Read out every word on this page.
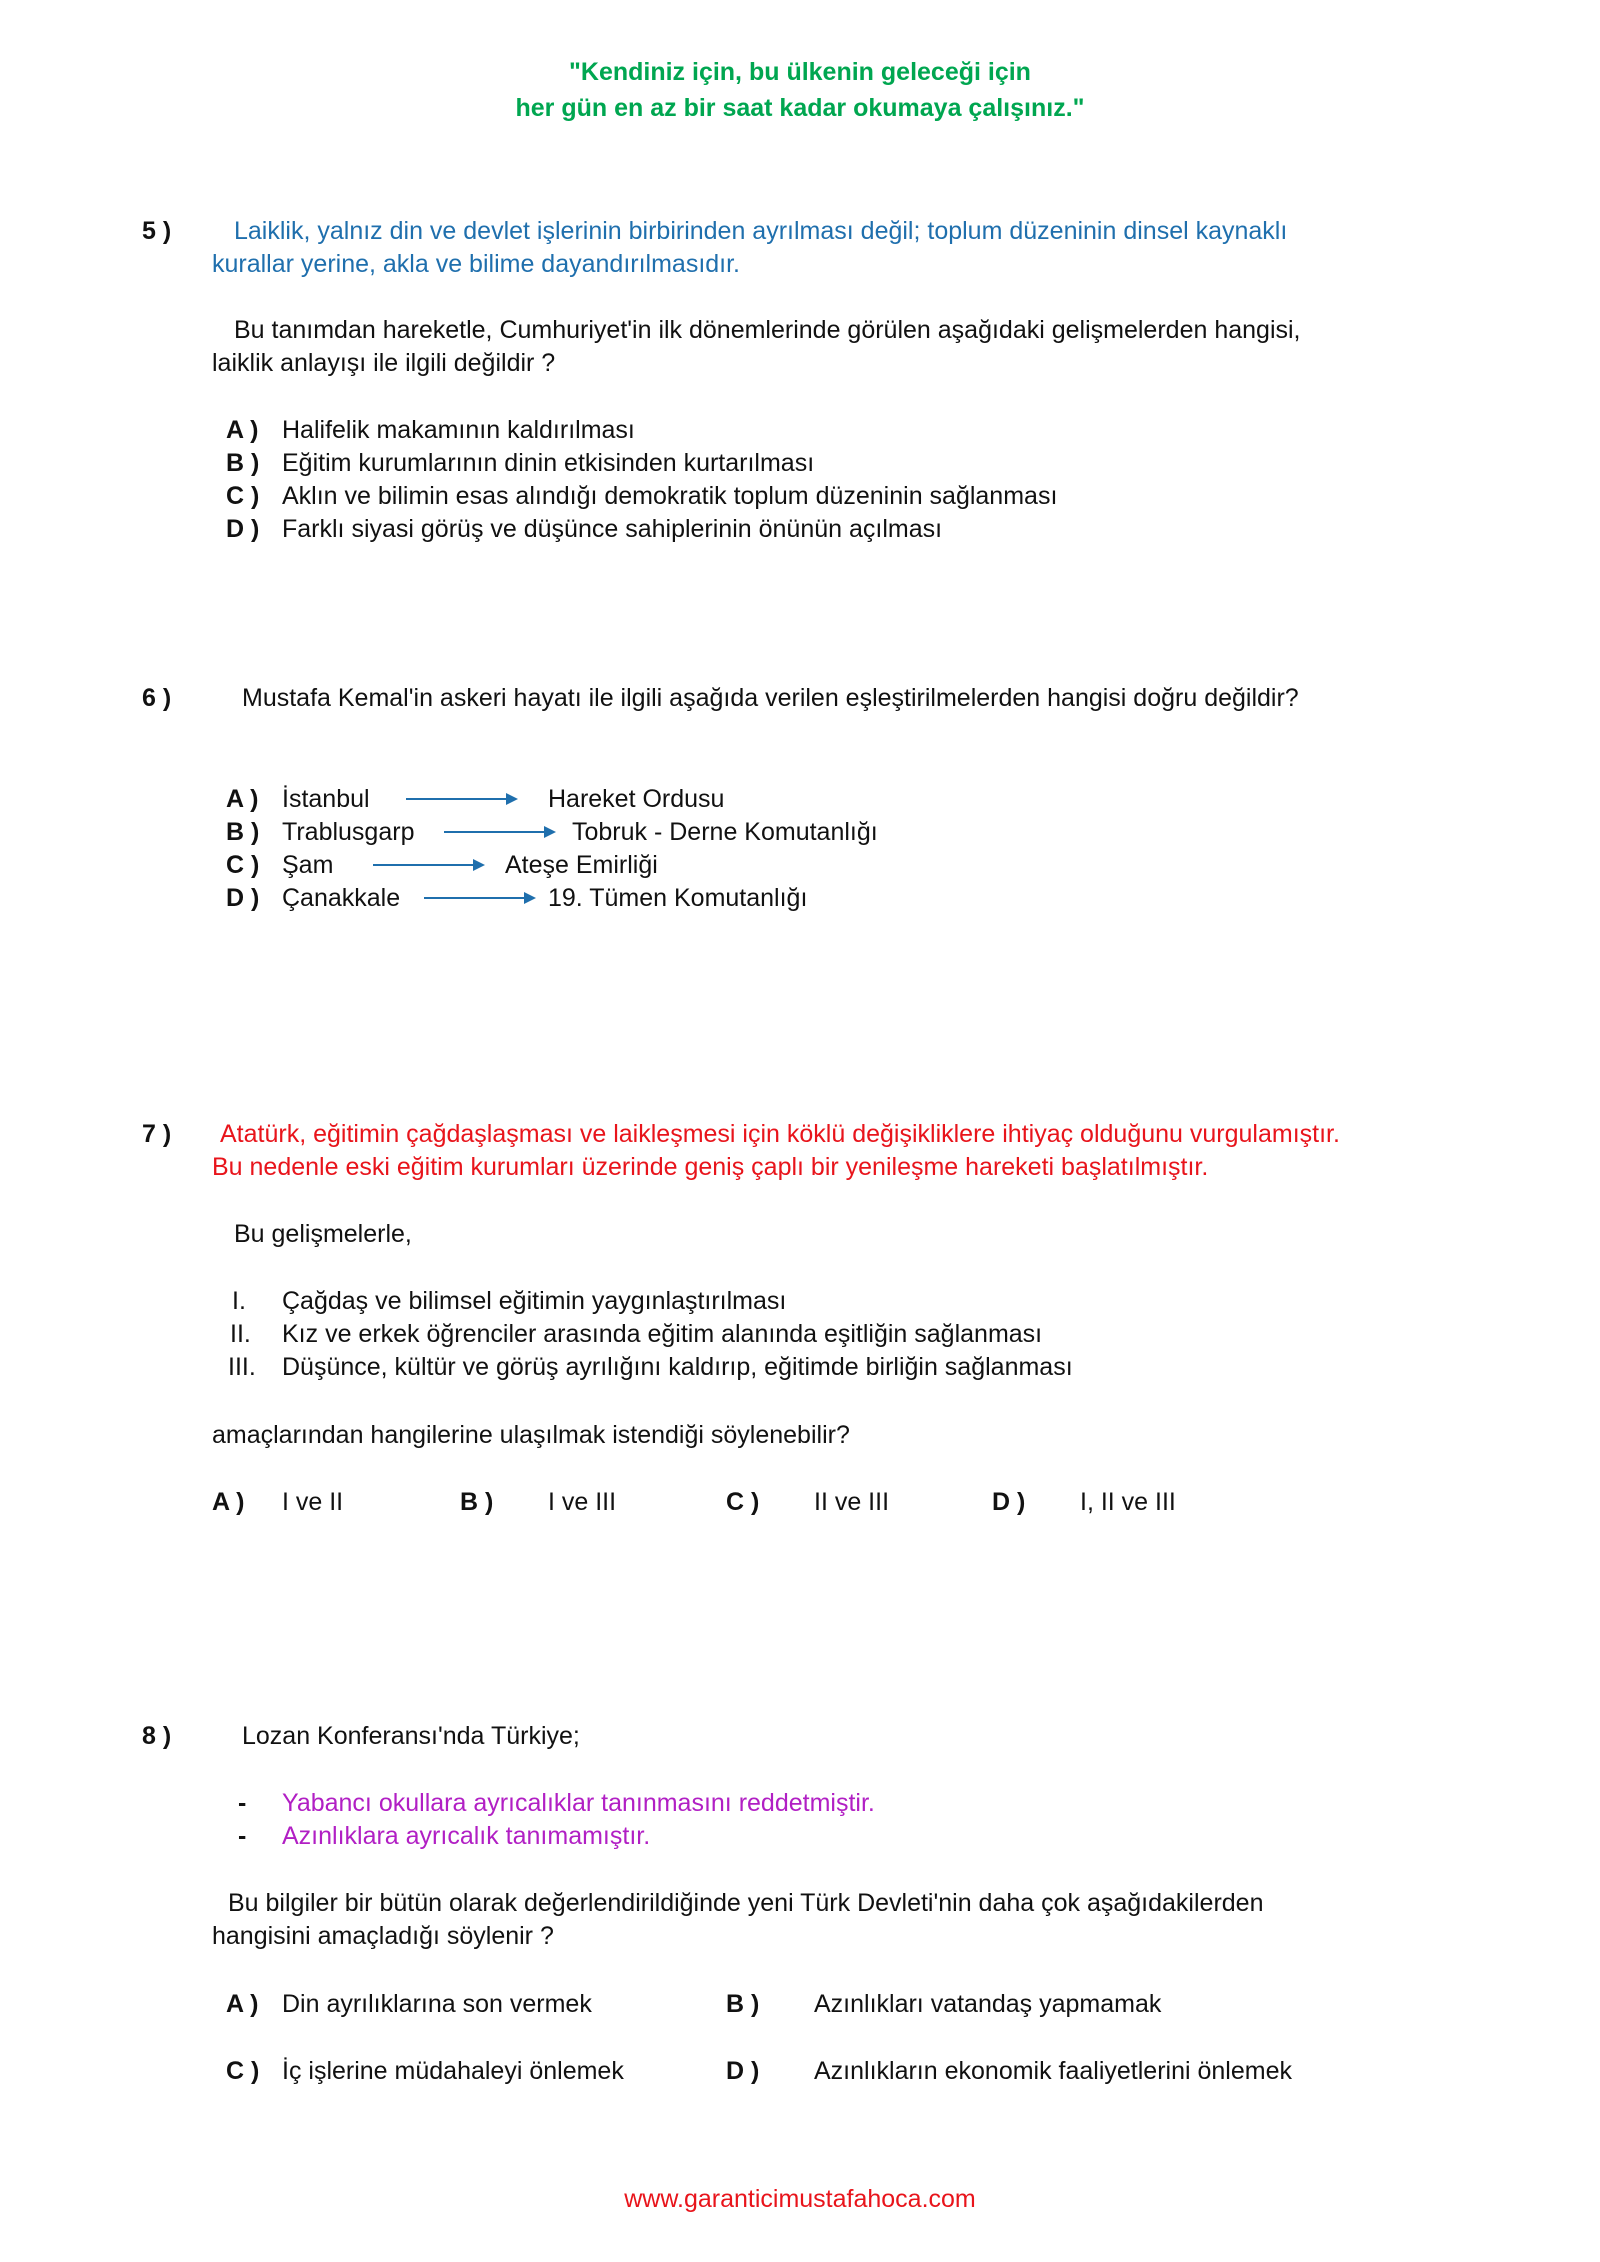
"Kendiniz için, bu ülkenin geleceği için
her gün en az bir saat kadar okumaya çalışınız."
5 )	Laiklik, yalnız din ve devlet işlerinin birbirinden ayrılması değil; toplum düzeninin dinsel kaynaklı
kurallar yerine, akla ve bilime dayandırılmasıdır.
Bu tanımdan hareketle, Cumhuriyet'in ilk dönemlerinde görülen aşağıdaki gelişmelerden hangisi,
laiklik anlayışı ile ilgili değildir ?
A ) Halifelik makamının kaldırılması
B ) Eğitim kurumlarının dinin etkisinden kurtarılması
C ) Aklın ve bilimin esas alındığı demokratik toplum düzeninin sağlanması
D ) Farklı siyasi görüş ve düşünce sahiplerinin önünün açılması
6 )	Mustafa Kemal'in askeri hayatı ile ilgili aşağıda verilen eşleştirilmelerden hangisi doğru değildir?
A ) İstanbul	Hareket Ordusu
B ) Trablusgarp	Tobruk - Derne Komutanlığı
C ) Şam	Ateşe Emirliği
D ) Çanakkale	19. Tümen Komutanlığı
7 ) Atatürk, eğitimin çağdaşlaşması ve laikleşmesi için köklü değişikliklere ihtiyaç olduğunu vurgulamıştır.
Bu nedenle eski eğitim kurumları üzerinde geniş çaplı bir yenileşme hareketi başlatılmıştır.
Bu gelişmelerle,
I. Çağdaş ve bilimsel eğitimin yaygınlaştırılması
II. Kız ve erkek öğrenciler arasında eğitim alanında eşitliğin sağlanması
III. Düşünce, kültür ve görüş ayrılığını kaldırıp, eğitimde birliğin sağlanması
amaçlarından hangilerine ulaşılmak istendiği söylenebilir?
A ) I ve II	B ) I ve III	C ) II ve III	D ) I, II ve III
8 )	Lozan Konferansı'nda Türkiye;
- Yabancı okullara ayrıcalıklar tanınmasını reddetmiştir.
- Azınlıklara ayrıcalık tanımamıştır.
Bu bilgiler bir bütün olarak değerlendirildiğinde yeni Türk Devleti'nin daha çok aşağıdakilerden
hangisini amaçladığı söylenir ?
A ) Din ayrılıklarına son vermek	B ) Azınlıkları vatandaş yapmamak
C ) İç işlerine müdahaleyi önlemek	D ) Azınlıkların ekonomik faaliyetlerini önlemek
www.garanticimustafahoca.com
